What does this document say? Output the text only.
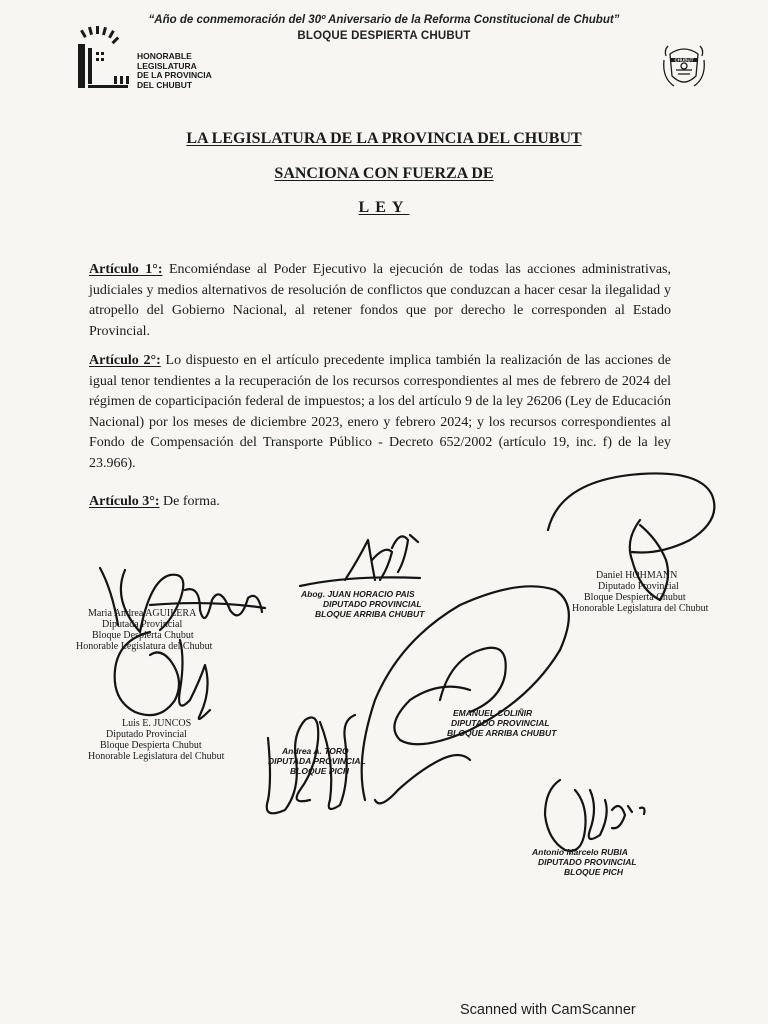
“Año de conmemoración del 30º Aniversario de la Reforma Constitucional de Chubut”
BLOQUE DESPIERTA CHUBUT
HONORABLE
LEGISLATURA
DE LA PROVINCIA
DEL CHUBUT
CHUBUT
LA LEGISLATURA DE LA PROVINCIA DEL CHUBUT
SANCIONA CON FUERZA DE
LEY
Artículo 1°: Encomiéndase al Poder Ejecutivo la ejecución de todas las acciones administrativas, judiciales y medios alternativos de resolución de conflictos que conduzcan a hacer cesar la ilegalidad y atropello del Gobierno Nacional, al retener fondos que por derecho le corresponden al Estado Provincial.
Artículo 2°: Lo dispuesto en el artículo precedente implica también la realización de las acciones de igual tenor tendientes a la recuperación de los recursos correspondientes al mes de febrero de 2024 del régimen de coparticipación federal de impuestos; a los del artículo 9 de la ley 26206 (Ley de Educación Nacional) por los meses de diciembre 2023, enero y febrero 2024; y los recursos correspondientes al Fondo de Compensación del Transporte Público - Decreto 652/2002 (artículo 19, inc. f) de la ley 23.966).
Artículo 3°: De forma.
Maria Andrea AGUILERA
Diputada Provincial
Bloque Despierta Chubut
Honorable Legislatura del Chubut
Abog. JUAN HORACIO PAIS
DIPUTADO PROVINCIAL
BLOQUE ARRIBA CHUBUT
Daniel HOHMANN
Diputado Provincial
Bloque Despierta Chubut
Honorable Legislatura del Chubut
Luis E. JUNCOS
Diputado Provincial
Bloque Despierta Chubut
Honorable Legislatura del Chubut
EMANUEL COLIÑIR
DIPUTADO PROVINCIAL
BLOQUE ARRIBA CHUBUT
Andrea A. TORO
DIPUTADA PROVINCIAL
BLOQUE PICH
Antonio Marcelo RUBIA
DIPUTADO PROVINCIAL
BLOQUE PICH
Scanned with CamScanner
